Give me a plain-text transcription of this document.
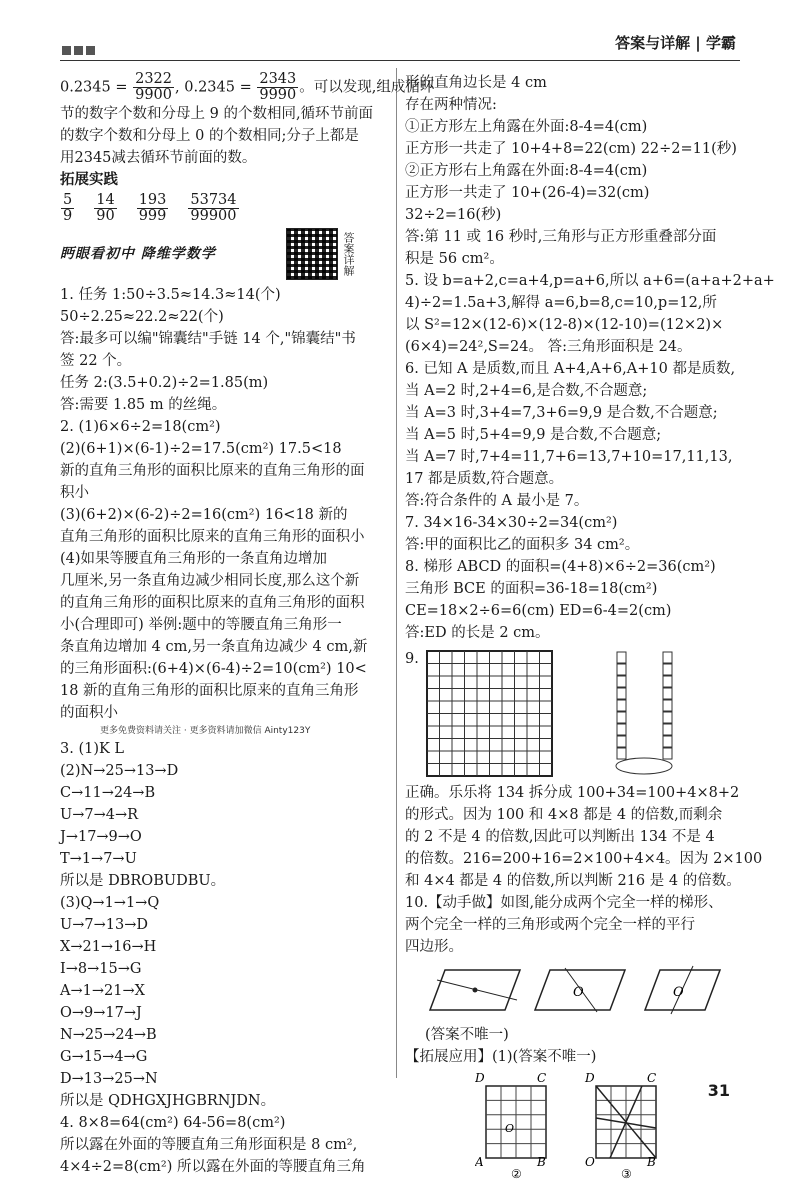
答案与详解 | 学霸
$0.2345 = \frac{2322}{9900}$ , $0.2345 = \frac{2343}{9990}$ 。可以发现,组成循环
节的数字个数和分母上 9 的个数相同,循环节前面
的数字个数和分母上 0 的个数相同;分子上都是
用2345减去循环节前面的数。
拓展实践
$\frac{5}{9} \frac{14}{90} \frac{193}{999} \frac{53734}{99900}$
眄眼看初中 降维学数学	答案详解
1. 任务 1:50÷3.5≈14.3≈14(个)
50÷2.25≈22.2≈22(个)
答:最多可以编"锦囊结"手链 14 个,"锦囊结"书
签 22 个。
任务 2:(3.5+0.2)÷2=1.85(m)
答:需要 1.85 m 的丝绳。
2. (1)6×6÷2=18(cm²)
(2)(6+1)×(6-1)÷2=17.5(cm²) 17.5<18
新的直角三角形的面积比原来的直角三角形的面
积小
(3)(6+2)×(6-2)÷2=16(cm²) 16<18 新的
直角三角形的面积比原来的直角三角形的面积小
(4)如果等腰直角三角形的一条直角边增加
几厘米,另一条直角边减少相同长度,那么这个新
的直角三角形的面积比原来的直角三角形的面积
小(合理即可) 举例:题中的等腰直角三角形一
条直角边增加 4 cm,另一条直角边减少 4 cm,新
的三角形面积:(6+4)×(6-4)÷2=10(cm²) 10<
18 新的直角三角形的面积比原来的直角三角形
的面积小
更多免费资料请关注 · 更多资料请加微信 Ainty123Y
3. (1)K L
(2)N→25→13→D
C→11→24→B
U→7→4→R
J→17→9→O
T→1→7→U
所以是 DBROBUDBU。
(3)Q→1→1→Q
U→7→13→D
X→21→16→H
I→8→15→G
A→1→21→X
O→9→17→J
N→25→24→B
G→15→4→G
D→13→25→N
所以是 QDHGXJHGBRNJDN。
4. 8×8=64(cm²) 64-56=8(cm²)
所以露在外面的等腰直角三角形面积是 8 cm²,
4×4÷2=8(cm²) 所以露在外面的等腰直角三角
形的直角边长是 4 cm
存在两种情况:
①正方形左上角露在外面:8-4=4(cm)
正方形一共走了 10+4+8=22(cm) 22÷2=11(秒)
②正方形右上角露在外面:8-4=4(cm)
正方形一共走了 10+(26-4)=32(cm)
32÷2=16(秒)
答:第 11 或 16 秒时,三角形与正方形重叠部分面
积是 56 cm²。
5. 设 b=a+2,c=a+4,p=a+6,所以 a+6=(a+a+2+a+
4)÷2=1.5a+3,解得 a=6,b=8,c=10,p=12,所
以 S²=12×(12-6)×(12-8)×(12-10)=(12×2)×
(6×4)=24²,S=24。 答:三角形面积是 24。
6. 已知 A 是质数,而且 A+4,A+6,A+10 都是质数,
当 A=2 时,2+4=6,是合数,不合题意;
当 A=3 时,3+4=7,3+6=9,9 是合数,不合题意;
当 A=5 时,5+4=9,9 是合数,不合题意;
当 A=7 时,7+4=11,7+6=13,7+10=17,11,13,
17 都是质数,符合题意。
答:符合条件的 A 最小是 7。
7. 34×16-34×30÷2=34(cm²)
答:甲的面积比乙的面积多 34 cm²。
8. 梯形 ABCD 的面积=(4+8)×6÷2=36(cm²)
三角形 BCE 的面积=36-18=18(cm²)
CE=18×2÷6=6(cm) ED=6-4=2(cm)
答:ED 的长是 2 cm。
9.
正确。乐乐将 134 拆分成 100+34=100+4×8+2
的形式。因为 100 和 4×8 都是 4 的倍数,而剩余
的 2 不是 4 的倍数,因此可以判断出 134 不是 4
的倍数。216=200+16=2×100+4×4。因为 2×100
和 4×4 都是 4 的倍数,所以判断 216 是 4 的倍数。
10.【动手做】如图,能分成两个完全一样的梯形、
两个完全一样的三角形或两个完全一样的平行
四边形。
O	O
(答案不唯一)
【拓展应用】(1)(答案不唯一)
D	C
A	B
O
D	C
O	B
②	③
31
